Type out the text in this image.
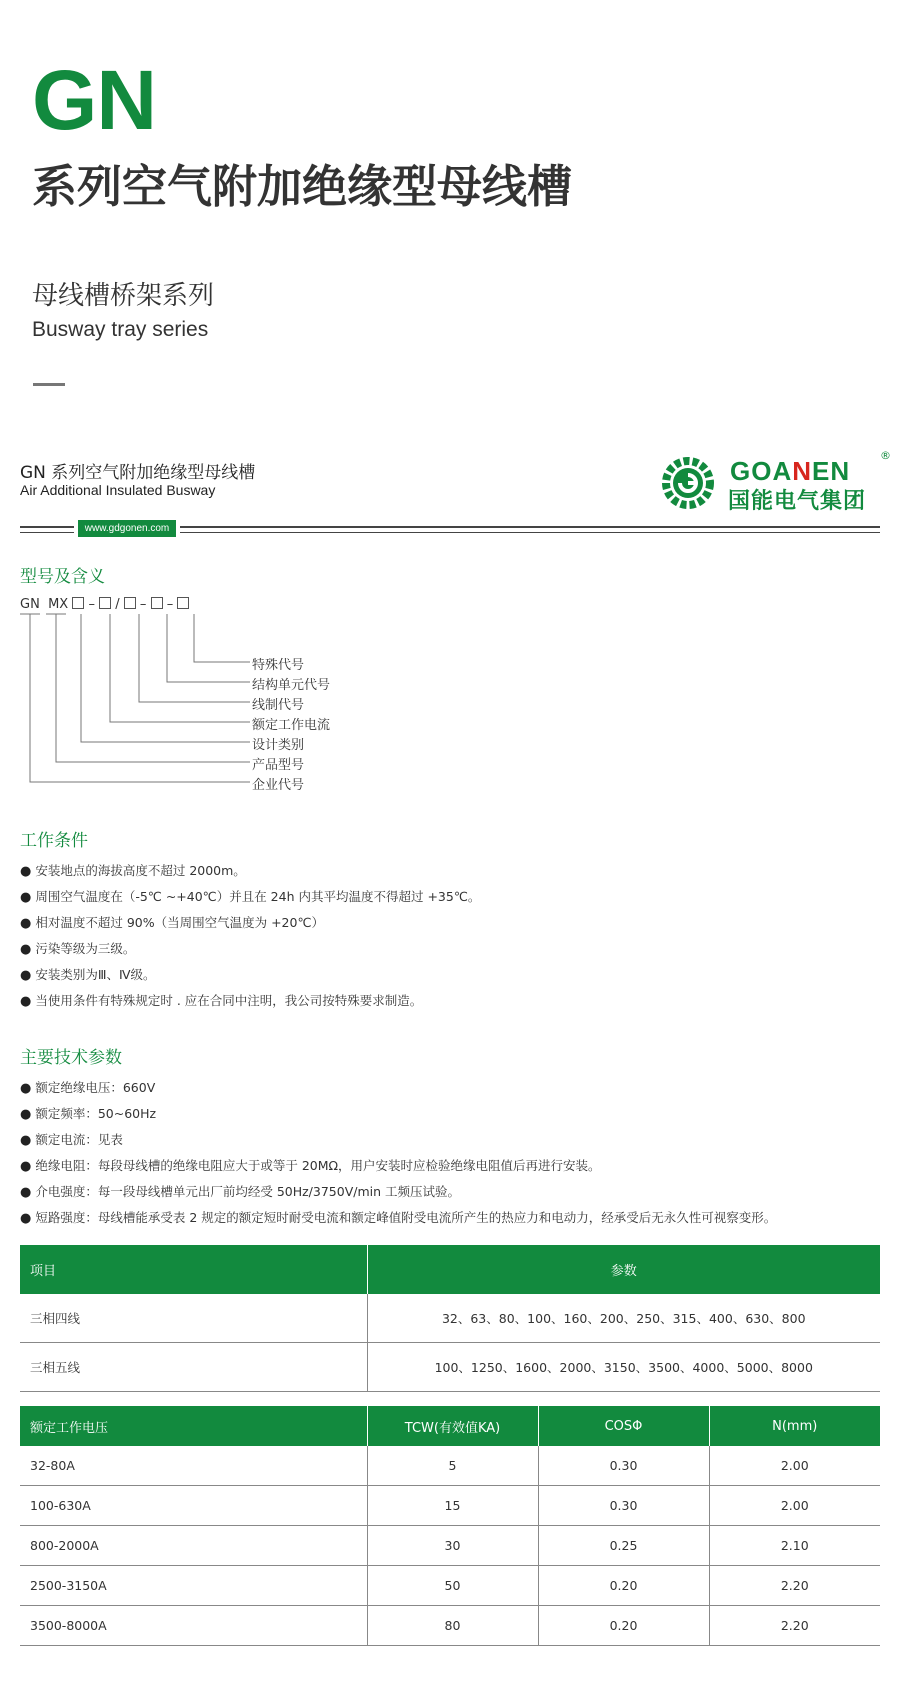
GN
系列空气附加绝缘型母线槽
母线槽桥架系列
Busway tray series
GN 系列空气附加绝缘型母线槽
Air Additional Insulated Busway
www.gdgonen.com
GOANEN
国能电气集团
®
型号及含义
GN  MX – / – –
特殊代号
结构单元代号
线制代号
额定工作电流
设计类别
产品型号
企业代号
工作条件
● 安装地点的海拔高度不超过 2000m。
● 周围空气温度在（-5℃ ~+40℃）并且在 24h 内其平均温度不得超过 +35℃。
● 相对温度不超过 90%（当周围空气温度为 +20℃）
● 污染等级为三级。
● 安装类别为Ⅲ、Ⅳ级。
● 当使用条件有特殊规定时 . 应在合同中注明，我公司按特殊要求制造。
主要技术参数
● 额定绝缘电压：660V
● 额定频率：50~60Hz
● 额定电流：见表
● 绝缘电阻：每段母线槽的绝缘电阻应大于或等于 20MΩ，用户安装时应检验绝缘电阻值后再进行安装。
● 介电强度：每一段母线槽单元出厂前均经受 50Hz/3750V/min 工频压试验。
● 短路强度：母线槽能承受表 2 规定的额定短时耐受电流和额定峰值附受电流所产生的热应力和电动力，经承受后无永久性可视察变形。
项目	参数
三相四线	32、63、80、100、160、200、250、315、400、630、800
三相五线	100、1250、1600、2000、3150、3500、4000、5000、8000
额定工作电压	TCW(有效值KA)	COSΦ	N(mm)
32-80A	5	0.30	2.00
100-630A	15	0.30	2.00
800-2000A	30	0.25	2.10
2500-3150A	50	0.20	2.20
3500-8000A	80	0.20	2.20
